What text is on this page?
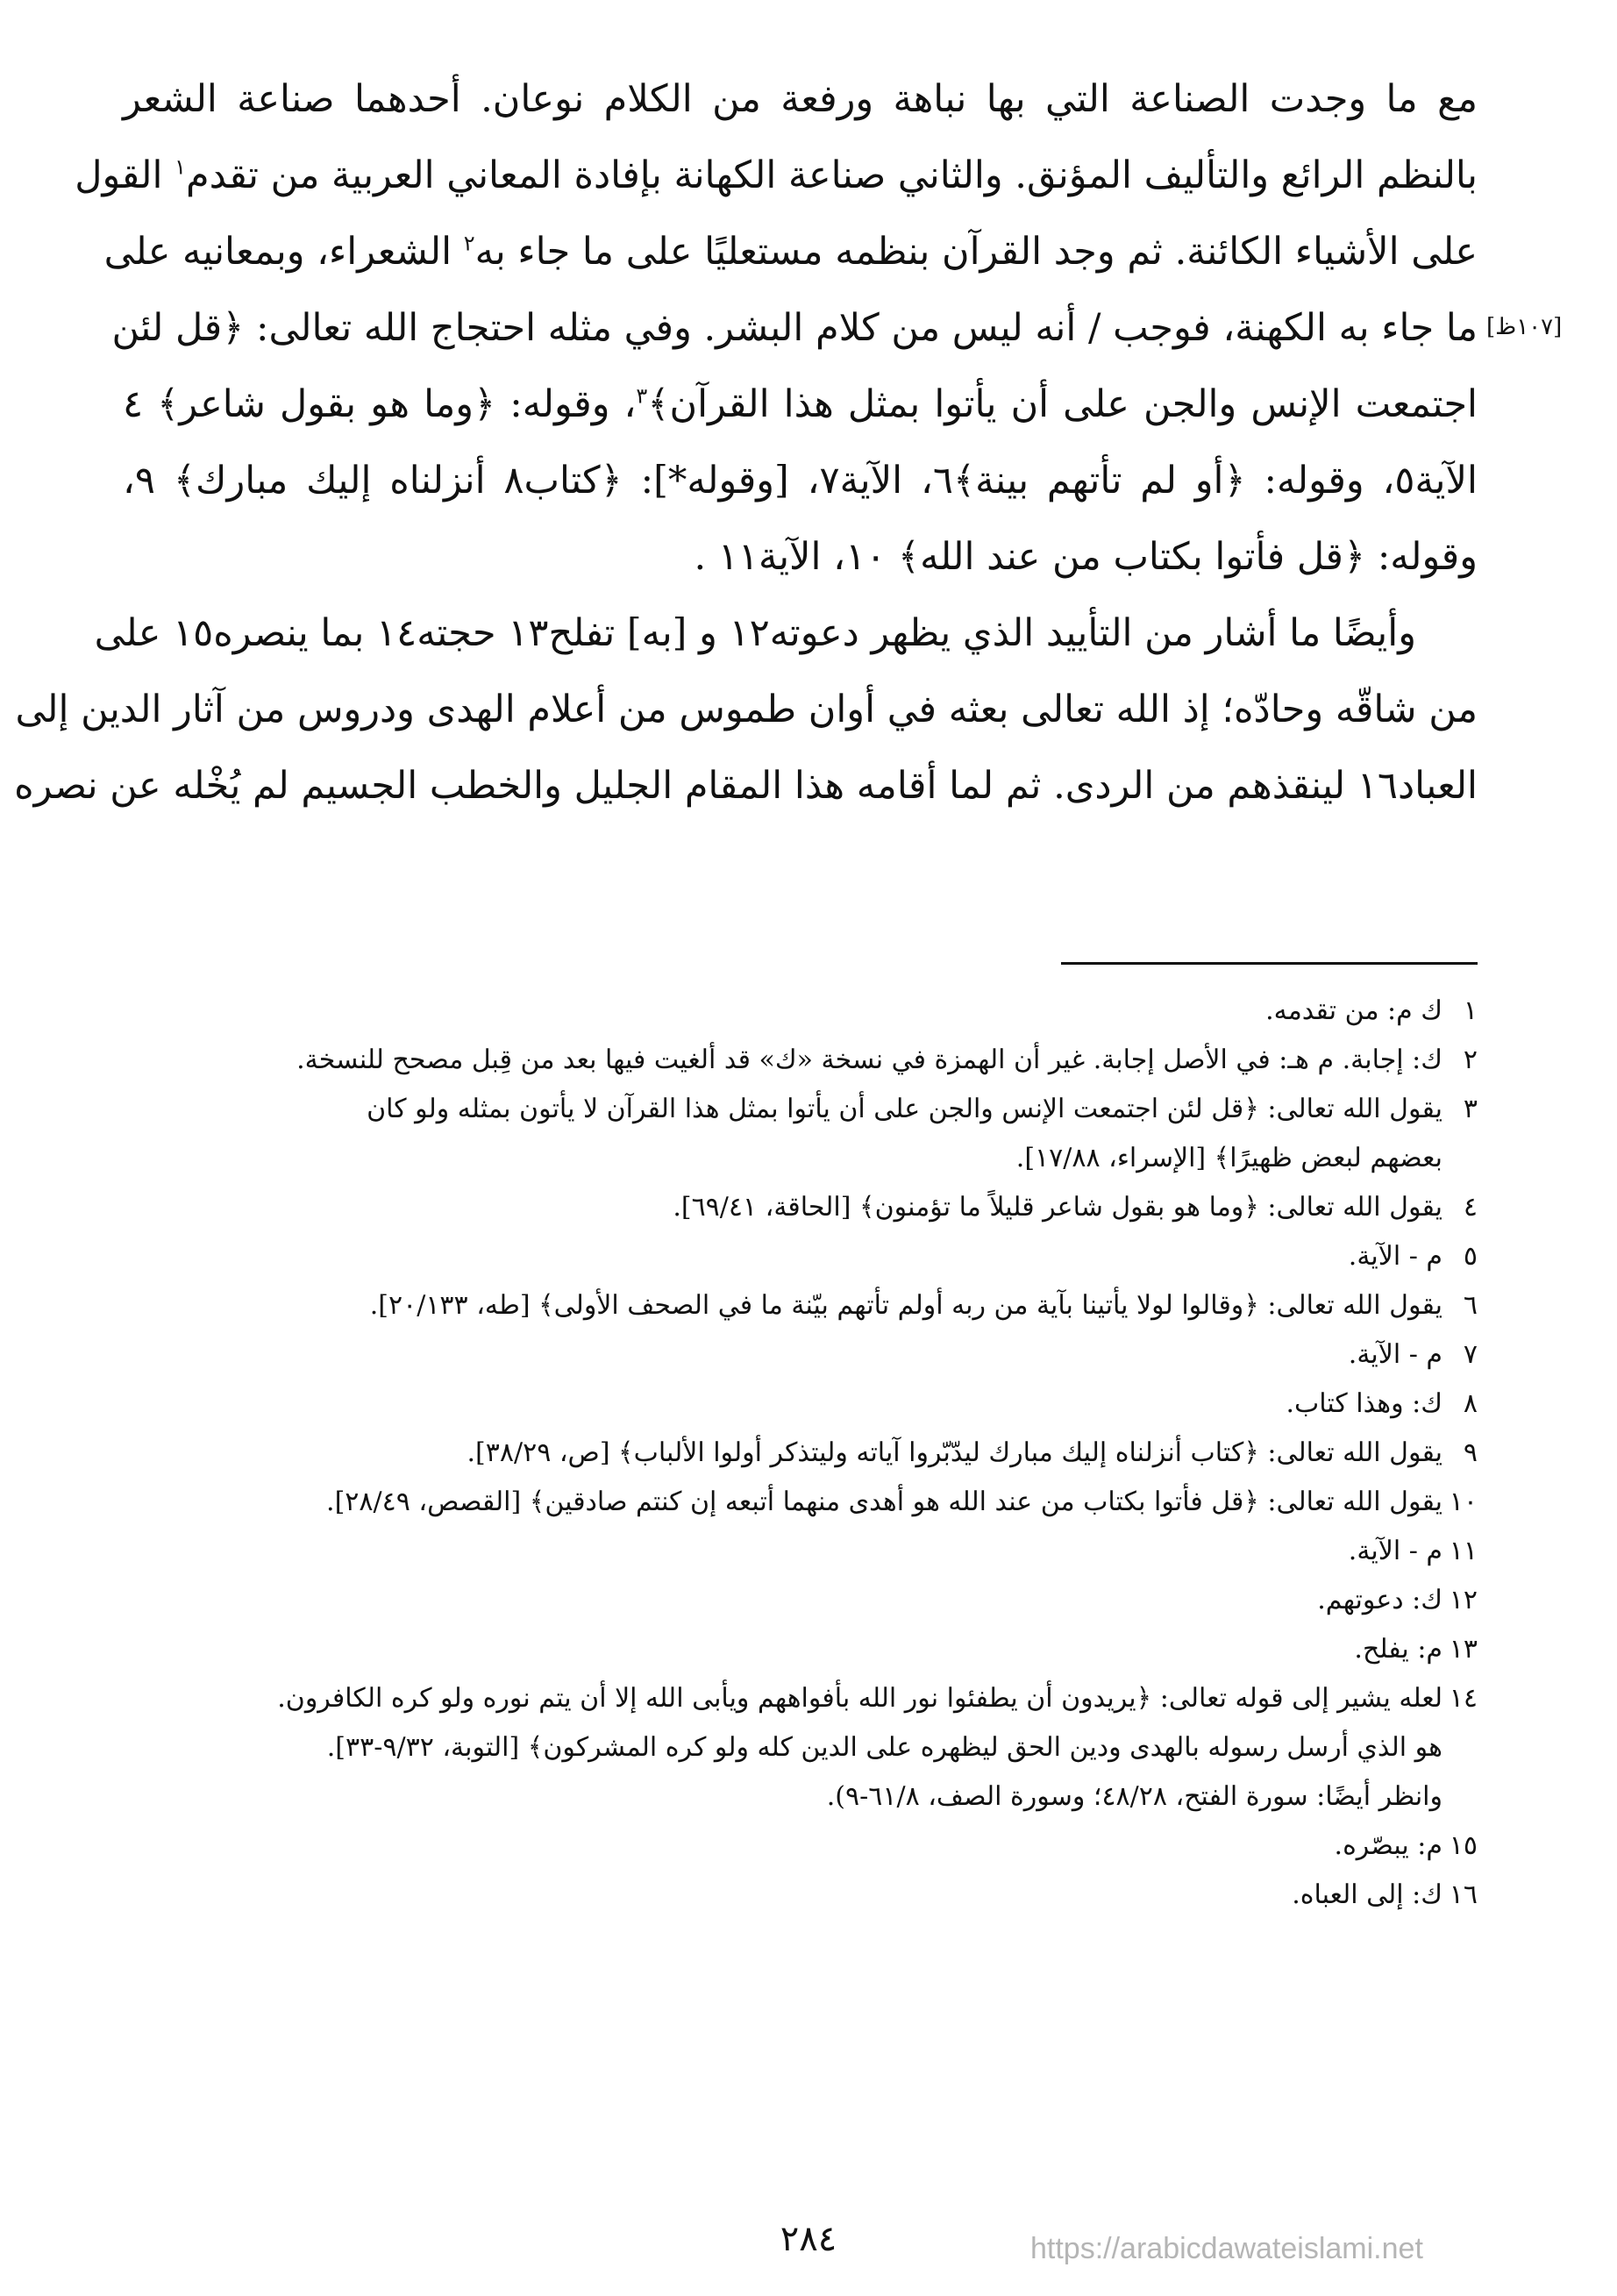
مع ما وجدت الصناعة التي بها نباهة ورفعة من الكلام نوعان. أحدهما صناعة الشعر
بالنظم الرائع والتأليف المؤنق. والثاني صناعة الكهانة بإفادة المعاني العربية من تقدم$^١$ القول
على الأشياء الكائنة. ثم وجد القرآن بنظمه مستعليًا على ما جاء به$^٢$ الشعراء، وبمعانيه على
ما جاء به الكهنة، فوجب / أنه ليس من كلام البشر. وفي مثله احتجاج الله تعالى: ﴿قل لئن
اجتمعت الإنس والجن على أن يأتوا بمثل هذا القرآن﴾$^٣$، وقوله: ﴿وما هو بقول شاعر﴾ ٤
الآية٥، وقوله: ﴿أو لم تأتهم بينة﴾٦، الآية٧، [وقوله*]: ﴿كتاب٨ أنزلناه إليك مبارك﴾ ٩،
وقوله: ﴿قل فأتوا بكتاب من عند الله﴾ ١٠، الآية١١ .
وأيضًا ما أشار من التأييد الذي يظهر دعوته١٢ و [به] تفلح١٣ حجته١٤ بما ينصره١٥ على
من شاقّه وحادّه؛ إذ الله تعالى بعثه في أوان طموس من أعلام الهدى ودروس من آثار الدين إلى
العباد١٦ لينقذهم من الردى. ثم لما أقامه هذا المقام الجليل والخطب الجسيم لم يُخْله عن نصره
[١٠٧ظ]
١
ك م: من تقدمه.
٢
ك: إجابة. م هـ: في الأصل إجابة. غير أن الهمزة في نسخة «ك» قد ألغيت فيها بعد من قِبل مصحح للنسخة.
٣
يقول الله تعالى: ﴿قل لئن اجتمعت الإنس والجن على أن يأتوا بمثل هذا القرآن لا يأتون بمثله ولو كان
بعضهم لبعض ظهيرًا﴾ [الإسراء، ١٧/٨٨].
٤
يقول الله تعالى: ﴿وما هو بقول شاعر قليلاً ما تؤمنون﴾ [الحاقة، ٦٩/٤١].
٥
م - الآية.
٦
يقول الله تعالى: ﴿وقالوا لولا يأتينا بآية من ربه أولم تأتهم بيّنة ما في الصحف الأولى﴾ [طه، ٢٠/١٣٣].
٧
م - الآية.
٨
ك: وهذا كتاب.
٩
يقول الله تعالى: ﴿كتاب أنزلناه إليك مبارك ليدّبّروا آياته وليتذكر أولوا الألباب﴾ [ص، ٣٨/٢٩].
١٠
يقول الله تعالى: ﴿قل فأتوا بكتاب من عند الله هو أهدى منهما أتبعه إن كنتم صادقين﴾ [القصص، ٢٨/٤٩].
١١
م - الآية.
١٢
ك: دعوتهم.
١٣
م: يفلح.
١٤
لعله يشير إلى قوله تعالى: ﴿يريدون أن يطفئوا نور الله بأفواههم ويأبى الله إلا أن يتم نوره ولو كره الكافرون.
هو الذي أرسل رسوله بالهدى ودين الحق ليظهره على الدين كله ولو كره المشركون﴾ [التوبة، ٩/٣٢-٣٣].
وانظر أيضًا: سورة الفتح، ٤٨/٢٨؛ وسورة الصف، ٦١/٨-٩).
١٥
م: يبصّره.
١٦
ك: إلى العباه.
٢٨٤	https://arabicdawateislami.net
